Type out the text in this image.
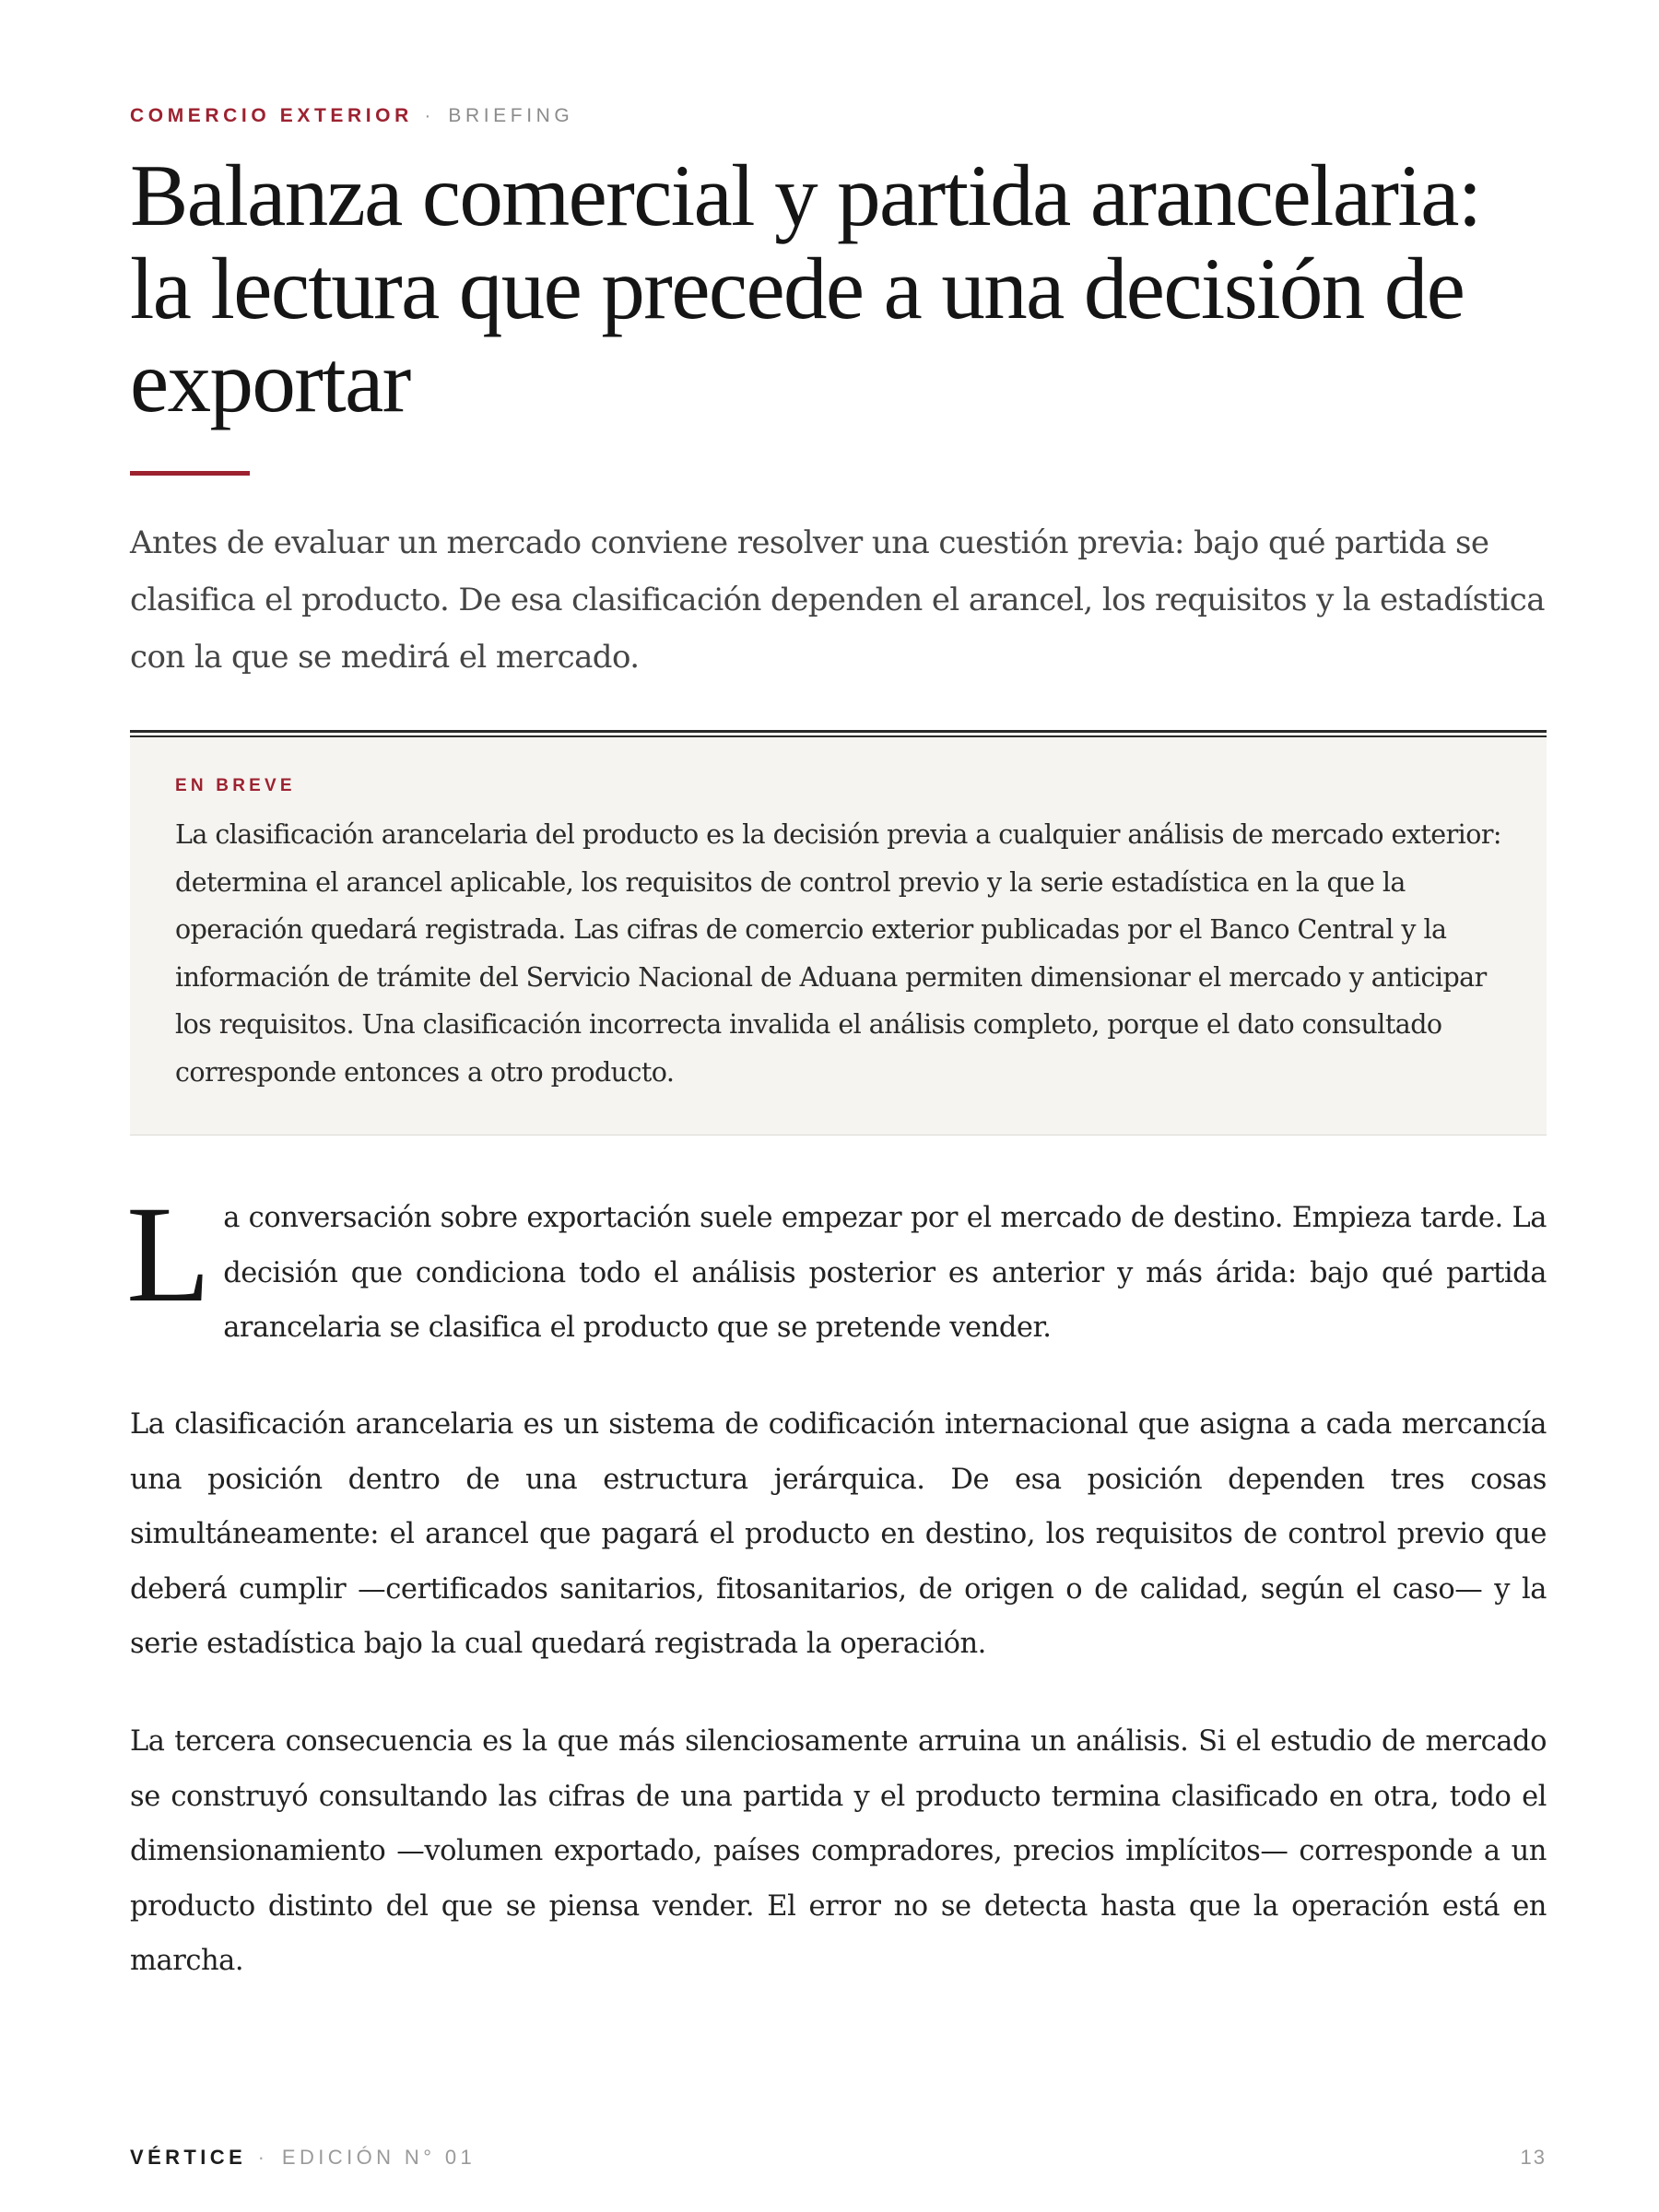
COMERCIO EXTERIOR · BRIEFING
Balanza comercial y partida arancelaria: la lectura que precede a una decisión de exportar

Antes de evaluar un mercado conviene resolver una cuestión previa: bajo qué partida se clasifica el producto. De esa clasificación dependen el arancel, los requisitos y la estadística con la que se medirá el mercado.

EN BREVE

La clasificación arancelaria del producto es la decisión previa a cualquier análisis de mercado exterior: determina el arancel aplicable, los requisitos de control previo y la serie estadística en la que la operación quedará registrada. Las cifras de comercio exterior publicadas por el Banco Central y la información de trámite del Servicio Nacional de Aduana permiten dimensionar el mercado y anticipar los requisitos. Una clasificación incorrecta invalida el análisis completo, porque el dato consultado corresponde entonces a otro producto.

La conversación sobre exportación suele empezar por el mercado de destino. Empieza tarde. La decisión que condiciona todo el análisis posterior es anterior y más árida: bajo qué partida arancelaria se clasifica el producto que se pretende vender.

La clasificación arancelaria es un sistema de codificación internacional que asigna a cada mercancía una posición dentro de una estructura jerárquica. De esa posición dependen tres cosas simultáneamente: el arancel que pagará el producto en destino, los requisitos de control previo que deberá cumplir —certificados sanitarios, fitosanitarios, de origen o de calidad, según el caso— y la serie estadística bajo la cual quedará registrada la operación.

La tercera consecuencia es la que más silenciosamente arruina un análisis. Si el estudio de mercado se construyó consultando las cifras de una partida y el producto termina clasificado en otra, todo el dimensionamiento —volumen exportado, países compradores, precios implícitos— corresponde a un producto distinto del que se piensa vender. El error no se detecta hasta que la operación está en marcha.

VÉRTICE · EDICIÓN N° 01	13
